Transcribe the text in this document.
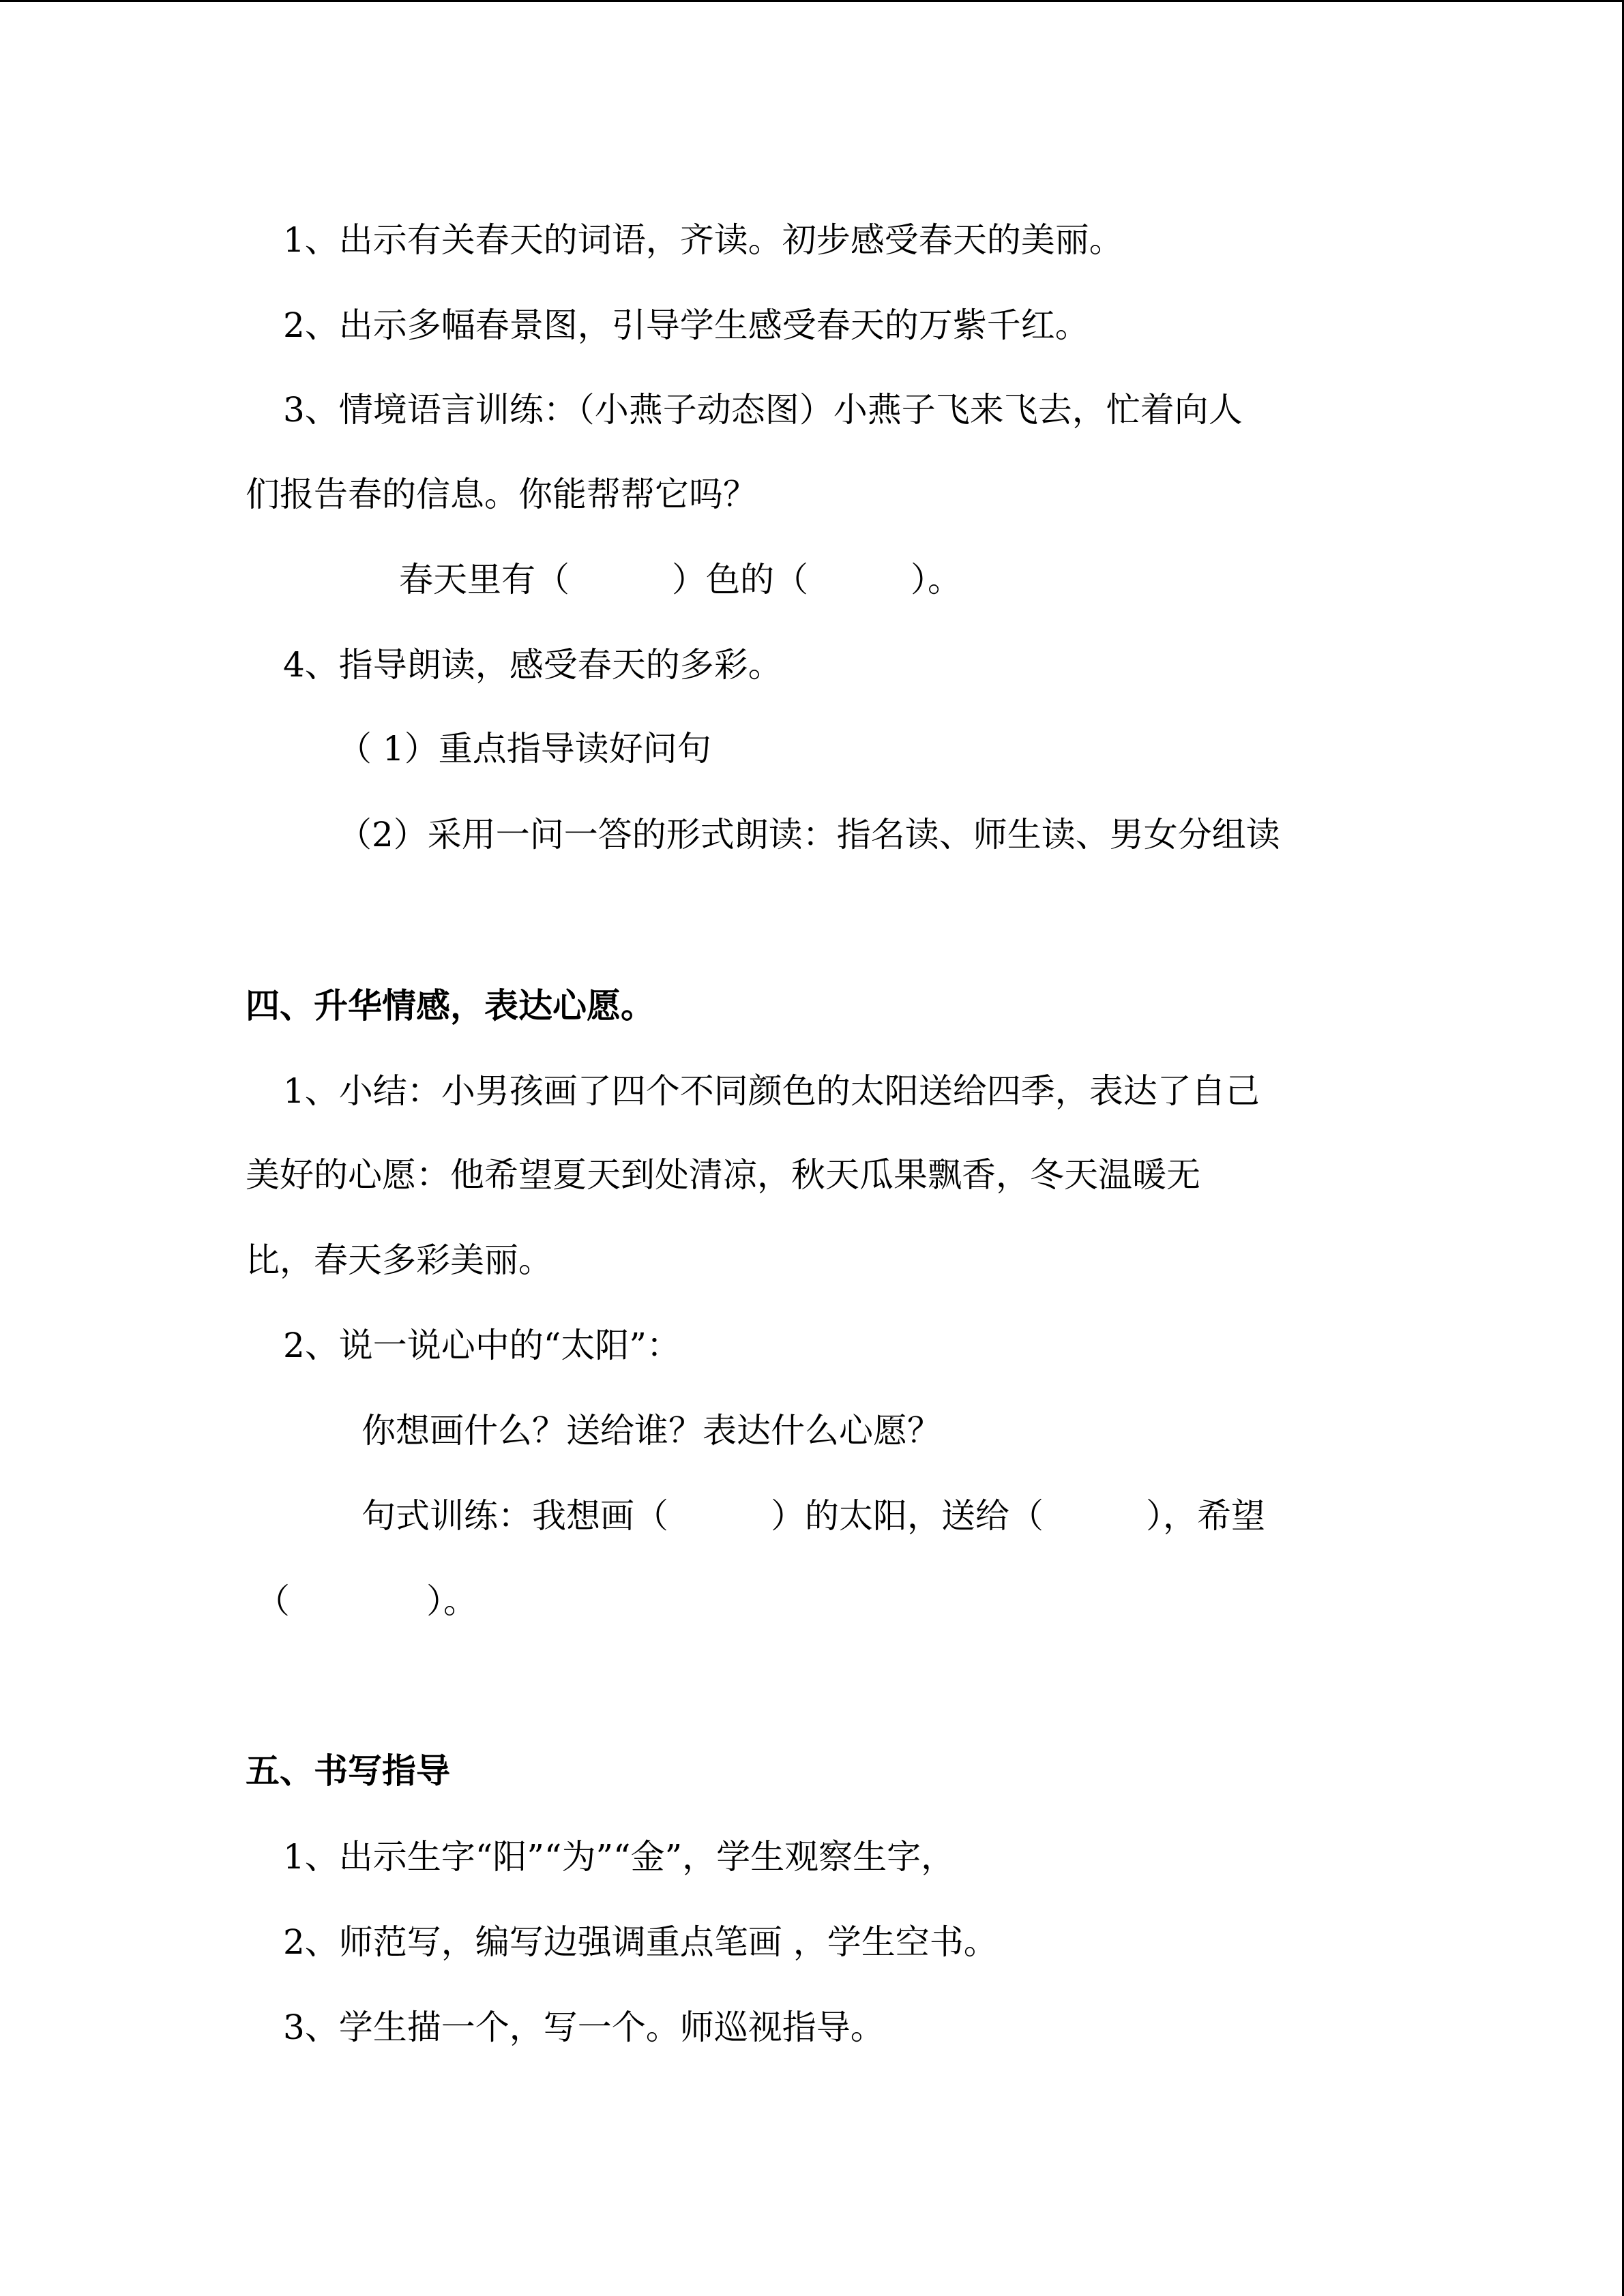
1、出示有关春天的词语，齐读。初步感受春天的美丽。
2、出示多幅春景图，引导学生感受春天的万紫千红。
3、情境语言训练：（小燕子动态图）小燕子飞来飞去，忙着向人
们报告春的信息。你能帮帮它吗？
春天里有（　　　）色的（　　　）。
4、指导朗读，感受春天的多彩。
（ 1）重点指导读好问句
（2）采用一问一答的形式朗读：指名读、师生读、男女分组读
四、升华情感，表达心愿。
1、小结：小男孩画了四个不同颜色的太阳送给四季，表达了自己
美好的心愿：他希望夏天到处清凉，秋天瓜果飘香，冬天温暖无
比，春天多彩美丽。
2、说一说心中的“太阳”：
你想画什么？送给谁？表达什么心愿？
句式训练：我想画（　　　）的太阳，送给（　　　），希望
（　　　　）。
五、书写指导
1、出示生字“阳”“为”“金”，学生观察生字，
2、师范写，编写边强调重点笔画 ，学生空书。
3、学生描一个，写一个。师巡视指导。
